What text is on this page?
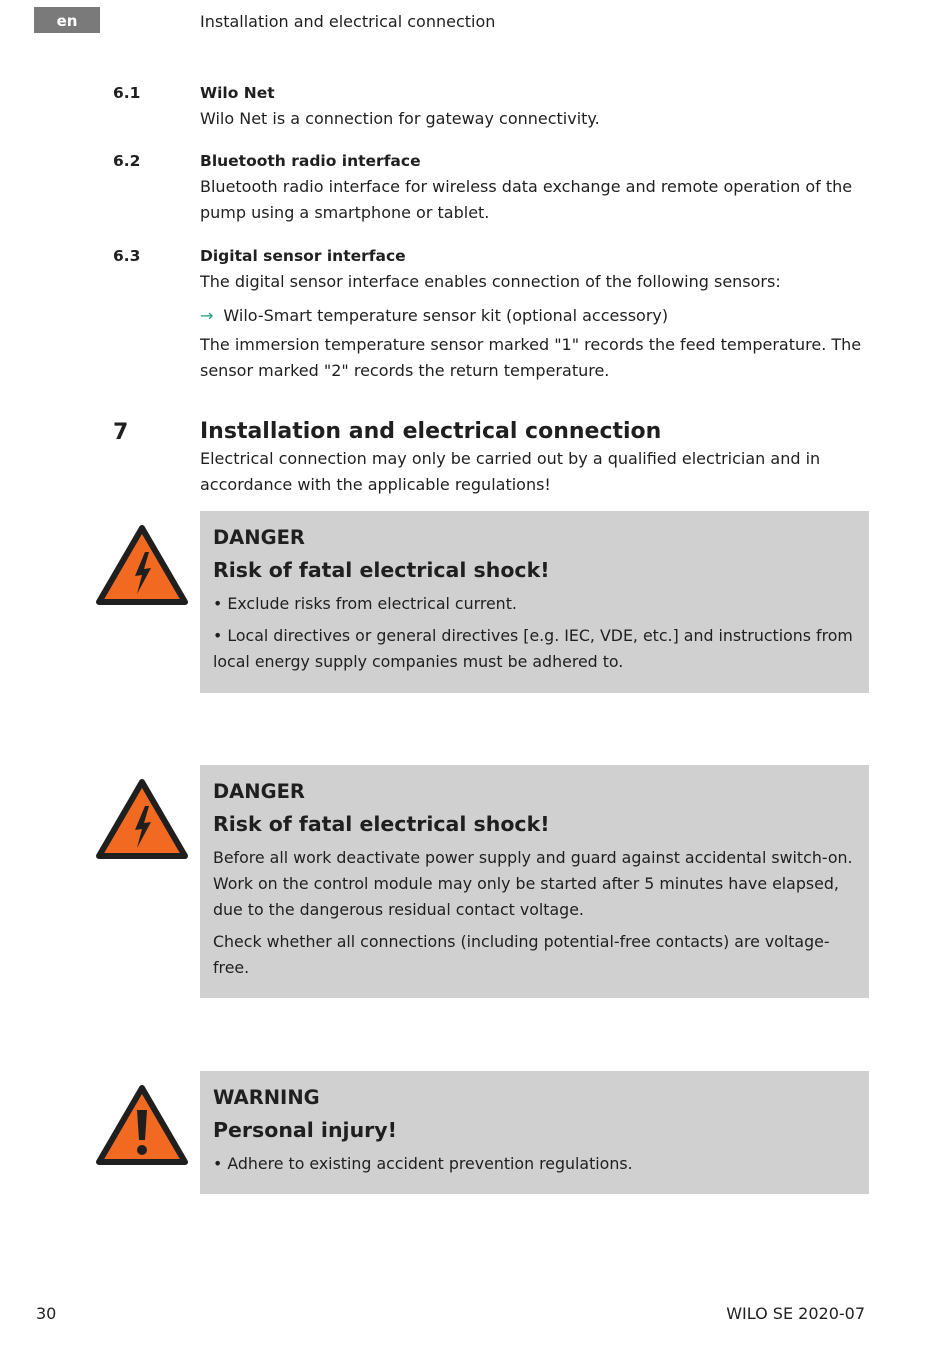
en	Installation and electrical connection
6.1	Wilo Net
Wilo Net is a connection for gateway connectivity.
6.2	Bluetooth radio interface
Bluetooth radio interface for wireless data exchange and remote operation of the pump using a smartphone or tablet.
6.3	Digital sensor interface
The digital sensor interface enables connection of the following sensors:
→ Wilo-Smart temperature sensor kit (optional accessory)
The immersion temperature sensor marked "1" records the feed temperature. The sensor marked "2" records the return temperature.
7	Installation and electrical connection
Electrical connection may only be carried out by a qualified electrician and in accordance with the applicable regulations!
DANGER
Risk of fatal electrical shock!

• Exclude risks from electrical current.

• Local directives or general directives [e.g. IEC, VDE, etc.] and instructions from local energy supply companies must be adhered to.

DANGER
Risk of fatal electrical shock!

Before all work deactivate power supply and guard against accidental switch-on. Work on the control module may only be started after 5 minutes have elapsed, due to the dangerous residual contact voltage.

Check whether all connections (including potential-free contacts) are voltage-free.

WARNING
Personal injury!

• Adhere to existing accident prevention regulations.

30	WILO SE 2020-07
